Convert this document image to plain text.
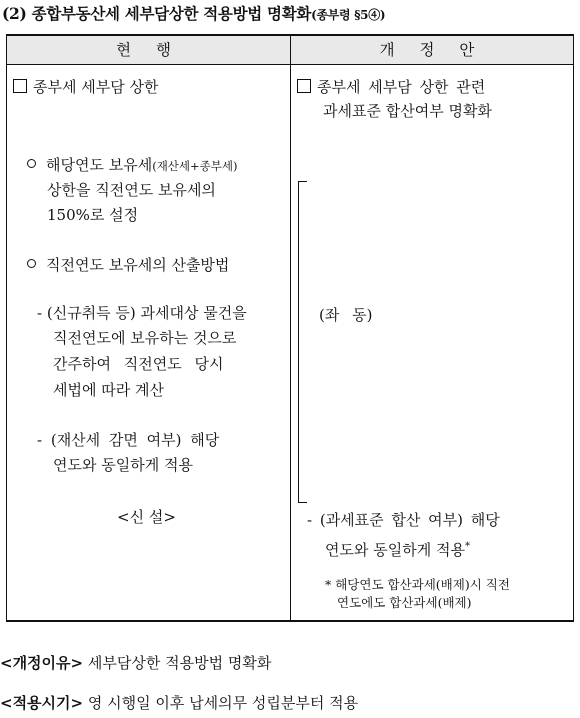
(2) 종합부동산세 세부담상한 적용방법 명확화(종부령 §5④)
현 행	개 정 안
종부세 세부담 상한
해당연도 보유세(재산세+종부세)
상한을 직전연도 보유세의
150%로 설정
직전연도 보유세의 산출방법
- (신규취득 등) 과세대상 물건을
직전연도에 보유하는 것으로
간주하여 직전연도 당시
세법에 따라 계산
- (재산세 감면 여부) 해당
연도와 동일하게 적용
<신 설>
종부세 세부담 상한 관련
과세표준 합산여부 명확화
(좌 동)
- (과세표준 합산 여부) 해당
연도와 동일하게 적용*
* 해당연도 합산과세(배제)시 직전
연도에도 합산과세(배제)
<개정이유> 세부담상한 적용방법 명확화
<적용시기> 영 시행일 이후 납세의무 성립분부터 적용
